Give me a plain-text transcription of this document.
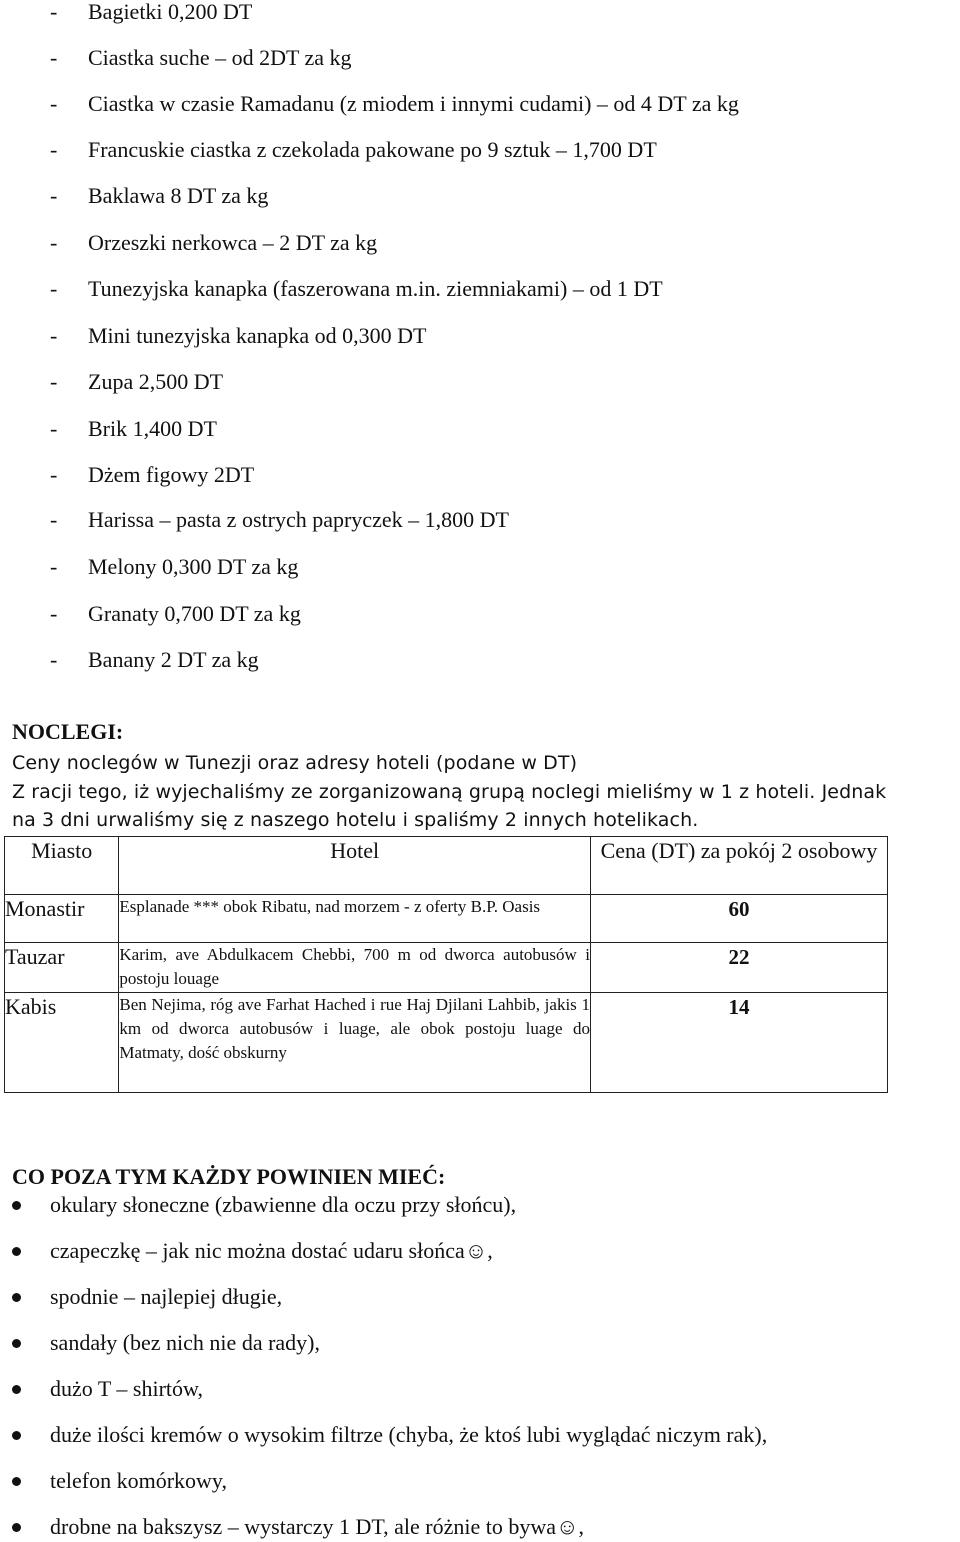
- Bagietki 0,200 DT
- Ciastka suche – od 2DT za kg
- Ciastka w czasie Ramadanu (z miodem i innymi cudami) – od 4 DT za kg
- Francuskie ciastka z czekolada pakowane po 9 sztuk – 1,700 DT
- Baklawa 8 DT za kg
- Orzeszki nerkowca – 2 DT za kg
- Tunezyjska kanapka (faszerowana m.in. ziemniakami) – od 1 DT
- Mini tunezyjska kanapka od 0,300 DT
- Zupa 2,500 DT
- Brik 1,400 DT
- Dżem figowy 2DT
- Harissa – pasta z ostrych papryczek – 1,800 DT
- Melony 0,300 DT za kg
- Granaty 0,700 DT za kg
- Banany 2 DT za kg
NOCLEGI:
Ceny noclegów w Tunezji oraz adresy hoteli (podane w DT)
Z racji tego, iż wyjechaliśmy ze zorganizowaną grupą noclegi mieliśmy w 1 z hoteli. Jednak
na 3 dni urwaliśmy się z naszego hotelu i spaliśmy 2 innych hotelikach.
Miasto	Hotel	Cena (DT) za pokój 2 osobowy
Monastir	Esplanade *** obok Ribatu, nad morzem - z oferty B.P. Oasis	60
Tauzar	Karim, ave Abdulkacem Chebbi, 700 m od dworca autobusów i postoju louage	22
Kabis	Ben Nejima, róg ave Farhat Hached i rue Haj Djilani Lahbib, jakis 1 km od dworca autobusów i luage, ale obok postoju luage do Matmaty, dość obskurny	14
CO POZA TYM KAŻDY POWINIEN MIEĆ:
okulary słoneczne (zbawienne dla oczu przy słońcu),
czapeczkę – jak nic można dostać udaru słońca☺,
spodnie – najlepiej długie,
sandały (bez nich nie da rady),
dużo T – shirtów,
duże ilości kremów o wysokim filtrze (chyba, że ktoś lubi wyglądać niczym rak),
telefon komórkowy,
drobne na bakszysz – wystarczy 1 DT, ale różnie to bywa☺,
